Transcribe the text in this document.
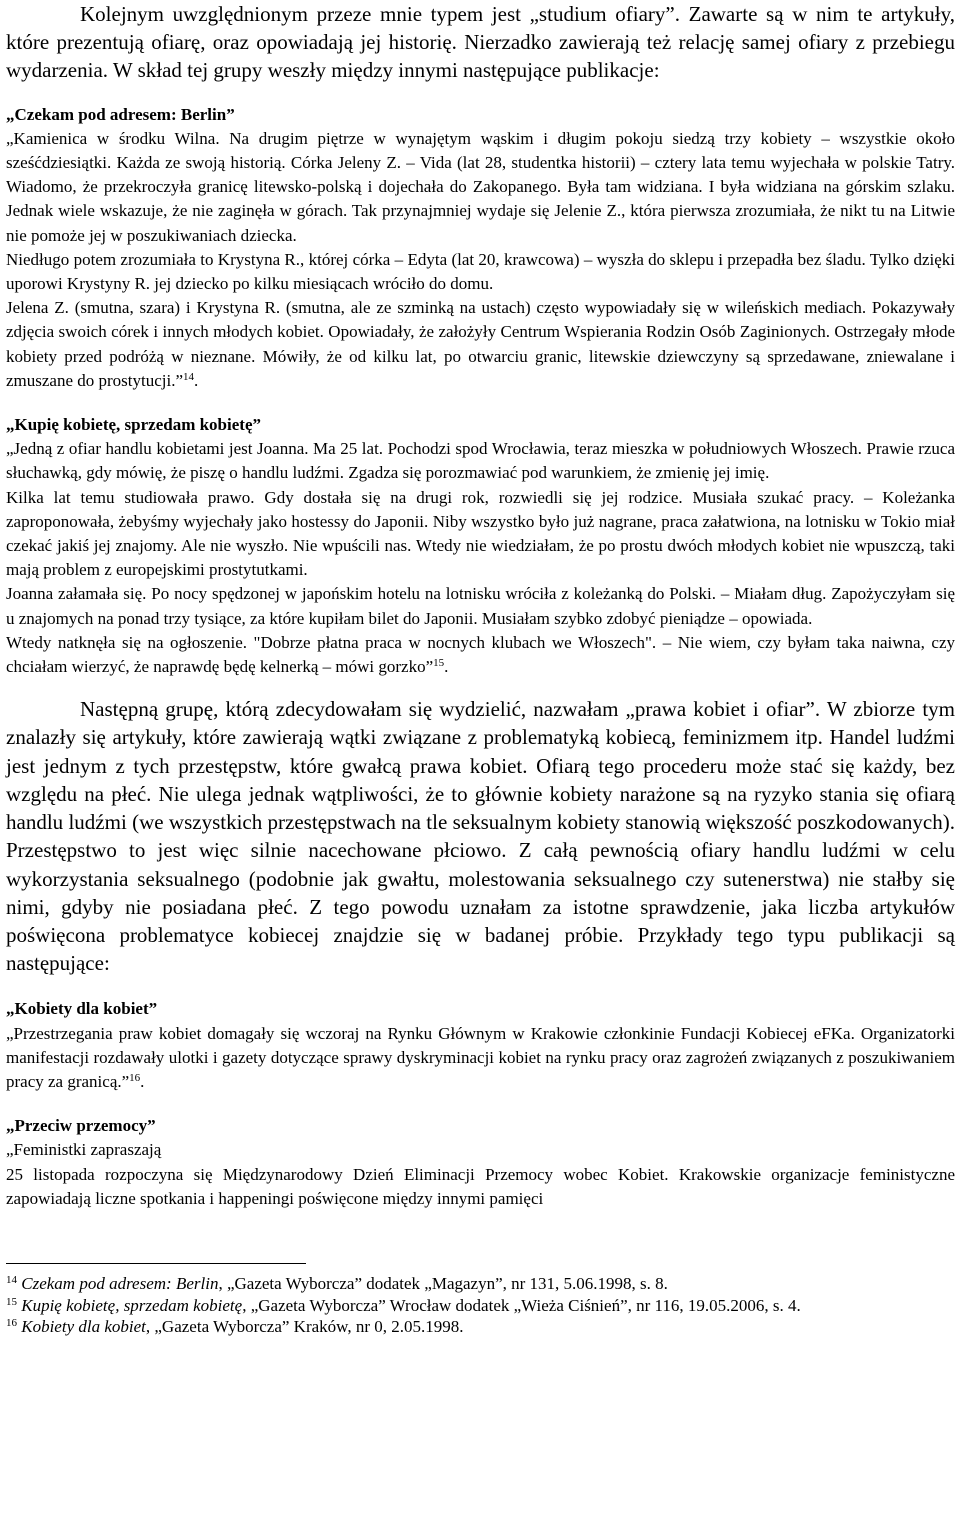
Kolejnym uwzględnionym przeze mnie typem jest „studium ofiary”. Zawarte są w nim te artykuły, które prezentują ofiarę, oraz opowiadają jej historię. Nierzadko zawierają też relację samej ofiary z przebiegu wydarzenia. W skład tej grupy weszły między innymi następujące publikacje:

„Czekam pod adresem: Berlin”

„Kamienica w środku Wilna. Na drugim piętrze w wynajętym wąskim i długim pokoju siedzą trzy kobiety – wszystkie około sześćdziesiątki. Każda ze swoją historią. Córka Jeleny Z. – Vida (lat 28, studentka historii) – cztery lata temu wyjechała w polskie Tatry. Wiadomo, że przekroczyła granicę litewsko-polską i dojechała do Zakopanego. Była tam widziana. I była widziana na górskim szlaku. Jednak wiele wskazuje, że nie zaginęła w górach. Tak przynajmniej wydaje się Jelenie Z., która pierwsza zrozumiała, że nikt tu na Litwie nie pomoże jej w poszukiwaniach dziecka.

Niedługo potem zrozumiała to Krystyna R., której córka – Edyta (lat 20, krawcowa) – wyszła do sklepu i przepadła bez śladu. Tylko dzięki uporowi Krystyny R. jej dziecko po kilku miesiącach wróciło do domu.

Jelena Z. (smutna, szara) i Krystyna R. (smutna, ale ze szminką na ustach) często wypowiadały się w wileńskich mediach. Pokazywały zdjęcia swoich córek i innych młodych kobiet. Opowiadały, że założyły Centrum Wspierania Rodzin Osób Zaginionych. Ostrzegały młode kobiety przed podróżą w nieznane. Mówiły, że od kilku lat, po otwarciu granic, litewskie dziewczyny są sprzedawane, zniewalane i zmuszane do prostytucji.”$^{14}$.

„Kupię kobietę, sprzedam kobietę”

„Jedną z ofiar handlu kobietami jest Joanna. Ma 25 lat. Pochodzi spod Wrocławia, teraz mieszka w południowych Włoszech. Prawie rzuca słuchawką, gdy mówię, że piszę o handlu ludźmi. Zgadza się porozmawiać pod warunkiem, że zmienię jej imię.

Kilka lat temu studiowała prawo. Gdy dostała się na drugi rok, rozwiedli się jej rodzice. Musiała szukać pracy. – Koleżanka zaproponowała, żebyśmy wyjechały jako hostessy do Japonii. Niby wszystko było już nagrane, praca załatwiona, na lotnisku w Tokio miał czekać jakiś jej znajomy. Ale nie wyszło. Nie wpuścili nas. Wtedy nie wiedziałam, że po prostu dwóch młodych kobiet nie wpuszczą, taki mają problem z europejskimi prostytutkami.

Joanna załamała się. Po nocy spędzonej w japońskim hotelu na lotnisku wróciła z koleżanką do Polski. – Miałam dług. Zapożyczyłam się u znajomych na ponad trzy tysiące, za które kupiłam bilet do Japonii. Musiałam szybko zdobyć pieniądze – opowiada.

Wtedy natknęła się na ogłoszenie. "Dobrze płatna praca w nocnych klubach we Włoszech". – Nie wiem, czy byłam taka naiwna, czy chciałam wierzyć, że naprawdę będę kelnerką – mówi gorzko”$^{15}$.

Następną grupę, którą zdecydowałam się wydzielić, nazwałam „prawa kobiet i ofiar”. W zbiorze tym znalazły się artykuły, które zawierają wątki związane z problematyką kobiecą, feminizmem itp. Handel ludźmi jest jednym z tych przestępstw, które gwałcą prawa kobiet. Ofiarą tego procederu może stać się każdy, bez względu na płeć. Nie ulega jednak wątpliwości, że to głównie kobiety narażone są na ryzyko stania się ofiarą handlu ludźmi (we wszystkich przestępstwach na tle seksualnym kobiety stanowią większość poszkodowanych). Przestępstwo to jest więc silnie nacechowane płciowo. Z całą pewnością ofiary handlu ludźmi w celu wykorzystania seksualnego (podobnie jak gwałtu, molestowania seksualnego czy sutenerstwa) nie stałby się nimi, gdyby nie posiadana płeć. Z tego powodu uznałam za istotne sprawdzenie, jaka liczba artykułów poświęcona problematyce kobiecej znajdzie się w badanej próbie. Przykłady tego typu publikacji są następujące:

„Kobiety dla kobiet”

„Przestrzegania praw kobiet domagały się wczoraj na Rynku Głównym w Krakowie członkinie Fundacji Kobiecej eFKa. Organizatorki manifestacji rozdawały ulotki i gazety dotyczące sprawy dyskryminacji kobiet na rynku pracy oraz zagrożeń związanych z poszukiwaniem pracy za granicą.”$^{16}$.

„Przeciw przemocy”

„Feministki zapraszają

25 listopada rozpoczyna się Międzynarodowy Dzień Eliminacji Przemocy wobec Kobiet. Krakowskie organizacje feministyczne zapowiadają liczne spotkania i happeningi poświęcone między innymi pamięci

$^{14}$ Czekam pod adresem: Berlin, „Gazeta Wyborcza” dodatek „Magazyn”, nr 131, 5.06.1998, s. 8.

$^{15}$ Kupię kobietę, sprzedam kobietę, „Gazeta Wyborcza” Wrocław dodatek „Wieża Ciśnień”, nr 116, 19.05.2006, s. 4.

$^{16}$ Kobiety dla kobiet, „Gazeta Wyborcza” Kraków, nr 0, 2.05.1998.
